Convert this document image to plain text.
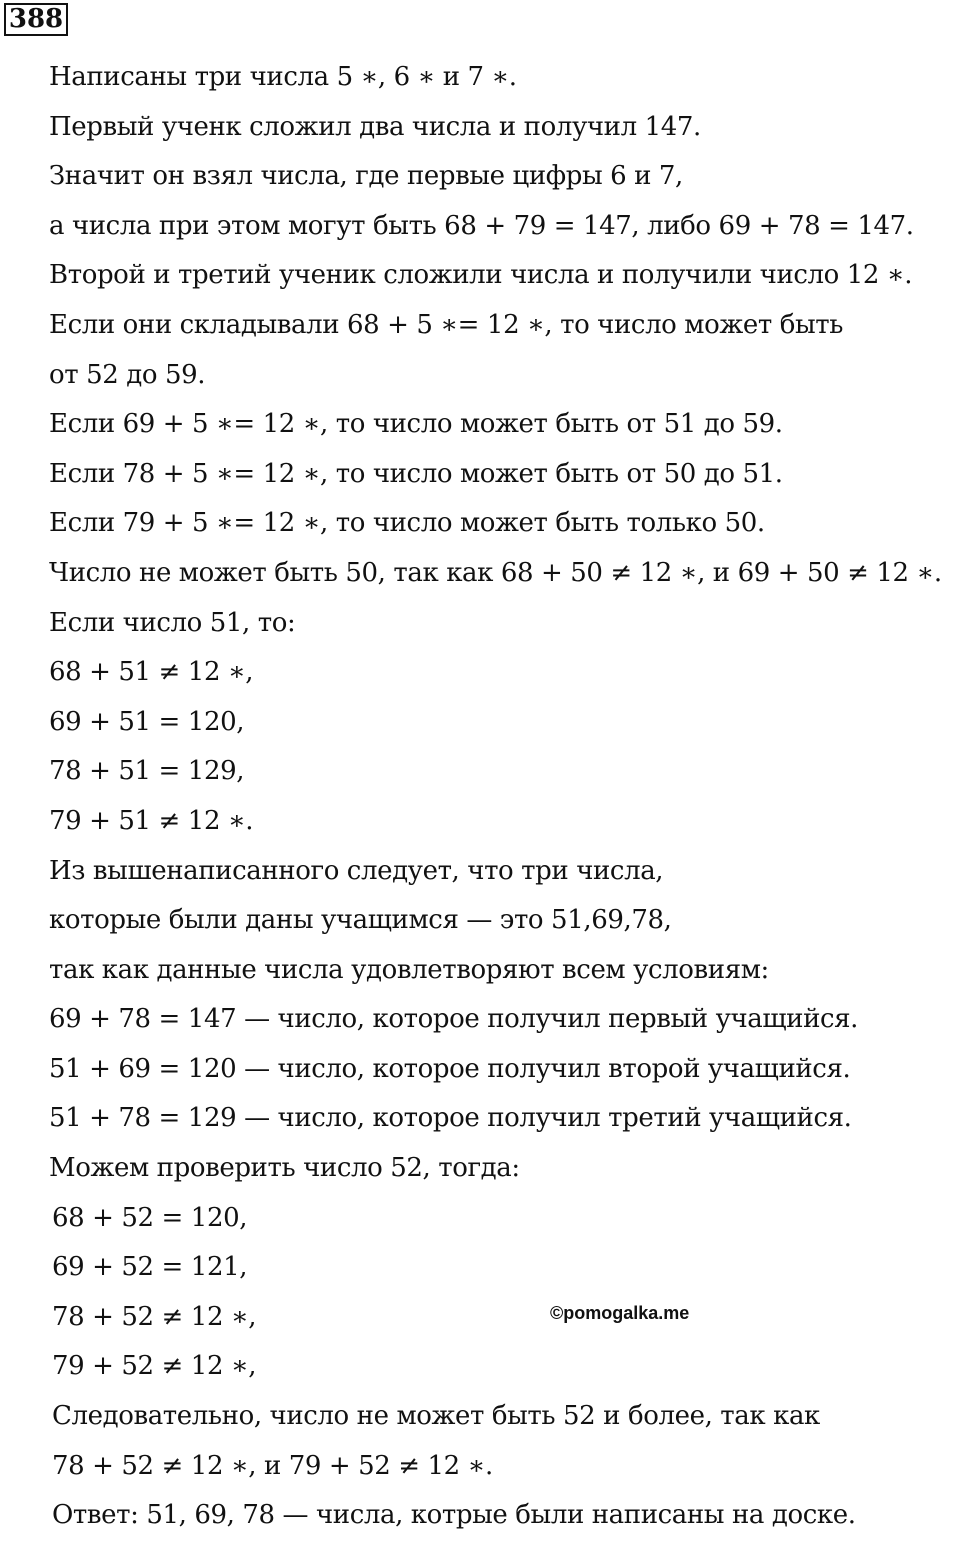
388
Написаны три числа 5 ∗, 6 ∗ и 7 ∗.
Первый ученк сложил два числа и получил 147.
Значит он взял числа, где первые цифры 6 и 7,
а числа при этом могут быть 68 + 79 = 147, либо 69 + 78 = 147.
Второй и третий ученик сложили числа и получили число 12 ∗.
Если они складывали 68 + 5 ∗= 12 ∗, то число может быть
от 52 до 59.
Если 69 + 5 ∗= 12 ∗, то число может быть от 51 до 59.
Если 78 + 5 ∗= 12 ∗, то число может быть от 50 до 51.
Если 79 + 5 ∗= 12 ∗, то число может быть только 50.
Число не может быть 50, так как 68 + 50 ≠ 12 ∗, и 69 + 50 ≠ 12 ∗.
Если число 51, то:
68 + 51 ≠ 12 ∗,
69 + 51 = 120,
78 + 51 = 129,
79 + 51 ≠ 12 ∗.
Из вышенаписанного следует, что три числа,
которые были даны учащимся — это 51,69,78,
так как данные числа удовлетворяют всем условиям:
69 + 78 = 147 — число, которое получил первый учащийся.
51 + 69 = 120 — число, которое получил второй учащийся.
51 + 78 = 129 — число, которое получил третий учащийся.
Можем проверить число 52, тогда:
68 + 52 = 120,
69 + 52 = 121,
78 + 52 ≠ 12 ∗,
79 + 52 ≠ 12 ∗,
Следовательно, число не может быть 52 и более, так как
78 + 52 ≠ 12 ∗, и 79 + 52 ≠ 12 ∗.
Ответ: 51, 69, 78 — числа, котрые были написаны на доске.
©pomogalka.me
